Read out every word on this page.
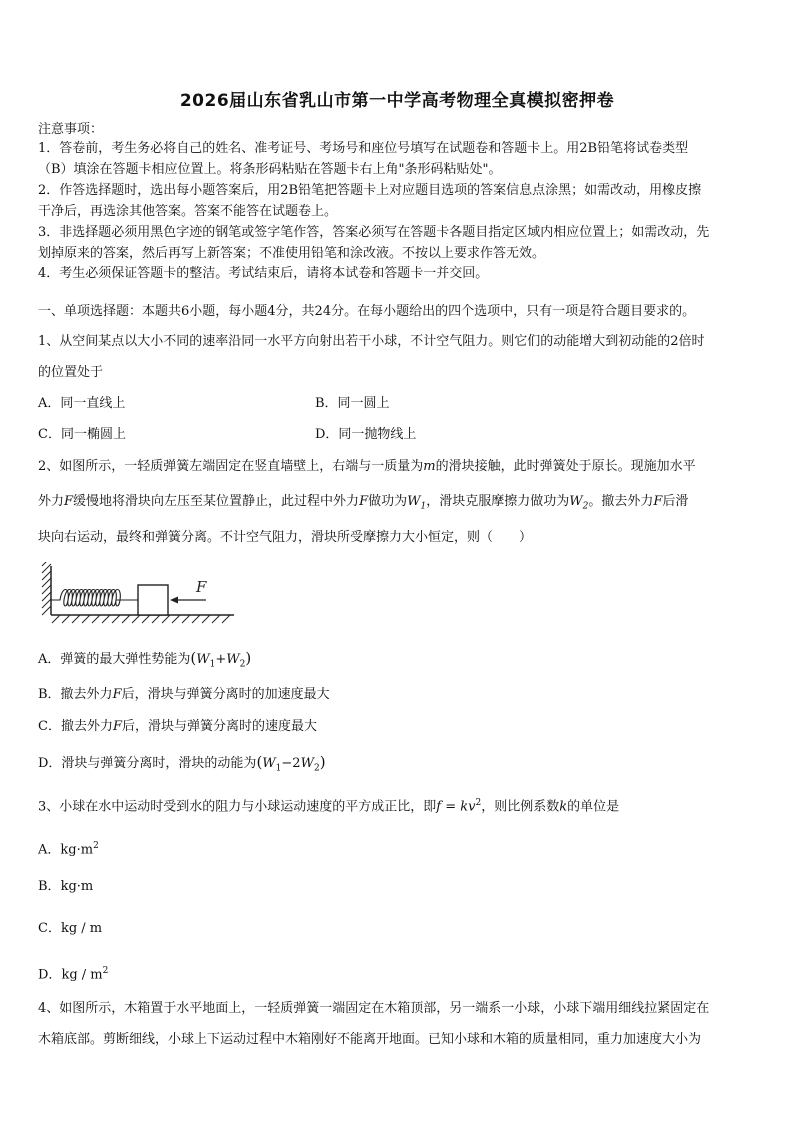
2026届山东省乳山市第一中学高考物理全真模拟密押卷
注意事项：
1．答卷前，考生务必将自己的姓名、准考证号、考场号和座位号填写在试题卷和答题卡上。用2B铅笔将试卷类型
（B）填涂在答题卡相应位置上。将条形码粘贴在答题卡右上角"条形码粘贴处"。
2．作答选择题时，选出每小题答案后，用2B铅笔把答题卡上对应题目选项的答案信息点涂黑；如需改动，用橡皮擦
干净后，再选涂其他答案。答案不能答在试题卷上。
3．非选择题必须用黑色字迹的钢笔或签字笔作答，答案必须写在答题卡各题目指定区域内相应位置上；如需改动，先
划掉原来的答案，然后再写上新答案；不准使用铅笔和涂改液。不按以上要求作答无效。
4．考生必须保证答题卡的整洁。考试结束后，请将本试卷和答题卡一并交回。
一、单项选择题：本题共6小题，每小题4分，共24分。在每小题给出的四个选项中，只有一项是符合题目要求的。
1、从空间某点以大小不同的速率沿同一水平方向射出若干小球，不计空气阻力。则它们的动能增大到初动能的2倍时
的位置处于
A．同一直线上	B．同一圆上
C．同一椭圆上	D．同一抛物线上
2、如图所示，一轻质弹簧左端固定在竖直墙壁上，右端与一质量为m的滑块接触，此时弹簧处于原长。现施加水平
外力F缓慢地将滑块向左压至某位置静止，此过程中外力F做功为$W_1$，滑块克服摩擦力做功为$W_2$。撤去外力F后滑
块向右运动，最终和弹簧分离。不计空气阻力，滑块所受摩擦力大小恒定，则（　　）
F
A．弹簧的最大弹性势能为$(W_1+W_2)$
B．撤去外力F后，滑块与弹簧分离时的加速度最大
C．撤去外力F后，滑块与弹簧分离时的速度最大
D．滑块与弹簧分离时，滑块的动能为$(W_1-2W_2)$
3、小球在水中运动时受到水的阻力与小球运动速度的平方成正比，即$f = kv^2$，则比例系数k的单位是
A．$kg\cdot m^2$
B．kg·m
C．kg / m
D．kg / $m^2$
4、如图所示，木箱置于水平地面上，一轻质弹簧一端固定在木箱顶部，另一端系一小球，小球下端用细线拉紧固定在
木箱底部。剪断细线，小球上下运动过程中木箱刚好不能离开地面。已知小球和木箱的质量相同，重力加速度大小为
